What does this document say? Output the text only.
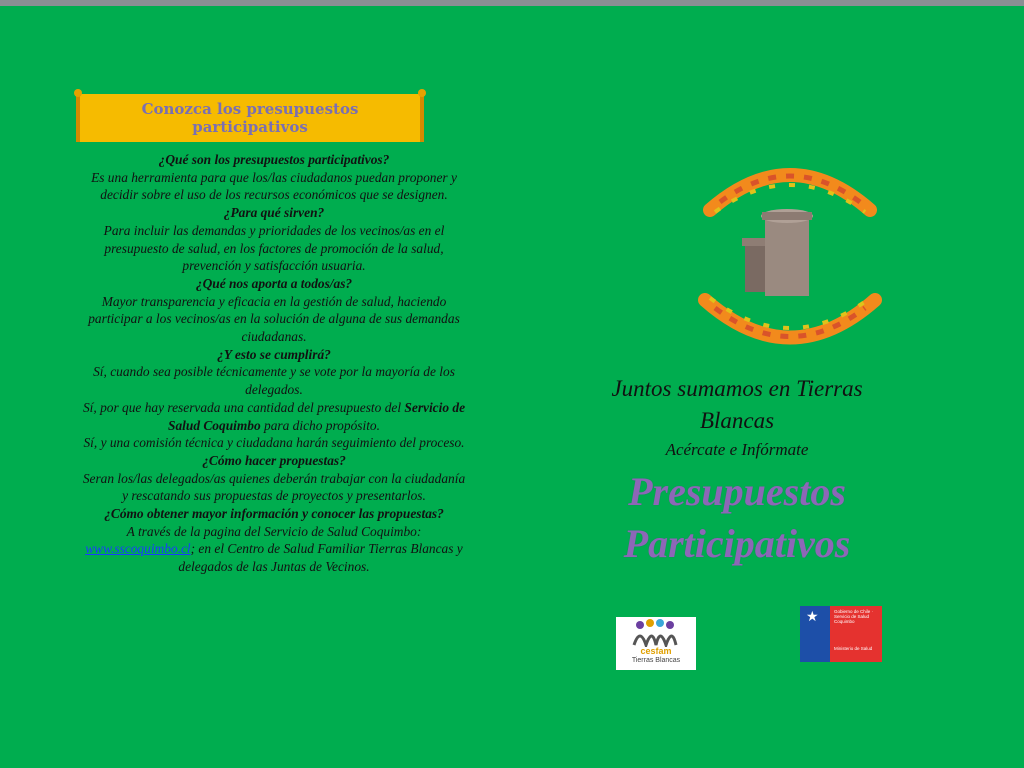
Conozca los presupuestos participativos

¿Qué son los presupuestos participativos?

Es una herramienta para que los/las ciudadanos puedan proponer y decidir sobre el uso de los recursos económicos que se designen.

¿Para qué sirven?

Para incluir las demandas y prioridades de los vecinos/as en el presupuesto de salud, en los factores de promoción de la salud, prevención y satisfacción usuaria.

¿Qué nos aporta a todos/as?

Mayor transparencia y eficacia en la gestión de salud, haciendo participar a los vecinos/as en la solución de alguna de sus demandas ciudadanas.

¿Y esto se cumplirá?

Sí, cuando sea posible técnicamente y se vote por la mayoría de los delegados.

Sí, por que hay reservada una cantidad del presupuesto del Servicio de Salud Coquimbo para dicho propósito.

Sí, y una comisión técnica y ciudadana harán seguimiento del proceso.

¿Cómo hacer propuestas?

Seran los/las delegados/as quienes deberán trabajar con la ciudadanía y rescatando sus propuestas de proyectos y presentarlos.

¿Cómo obtener mayor información y conocer las propuestas?

A través de la pagina del Servicio de Salud Coquimbo: www.sscoquimbo.cl; en el Centro de Salud Familiar Tierras Blancas y delegados de las Juntas de Vecinos.

Juntos sumamos en Tierras Blancas
Acércate e Infórmate
Presupuestos
Participativos
cesfam
Tierras Blancas
★	Gobierno de Chile · Servicio de Salud Coquimbo
Ministerio de Salud
